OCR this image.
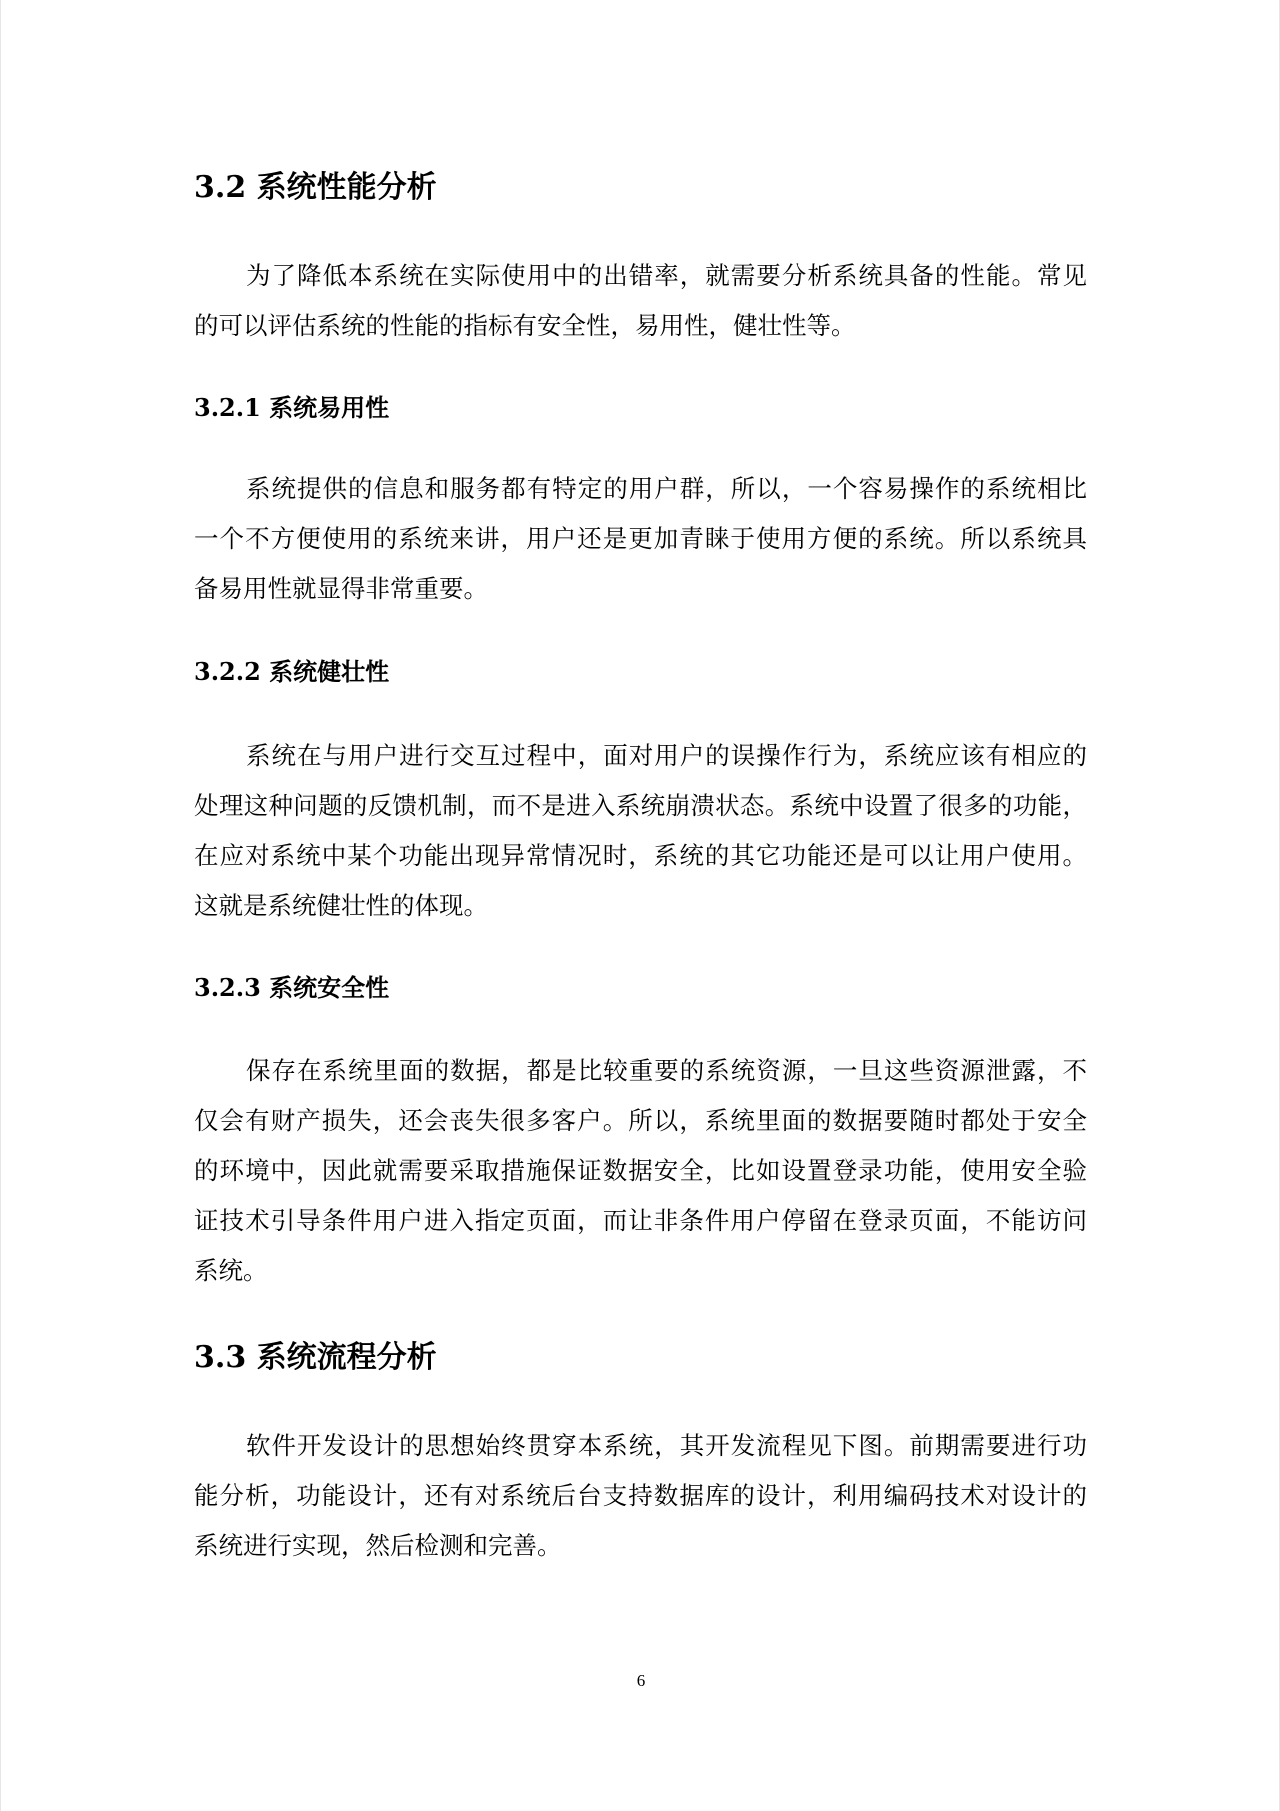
3.2 系统性能分析
为了降低本系统在实际使用中的出错率，就需要分析系统具备的性能。常见
的可以评估系统的性能的指标有安全性，易用性，健壮性等。
3.2.1 系统易用性
系统提供的信息和服务都有特定的用户群，所以，一个容易操作的系统相比
一个不方便使用的系统来讲，用户还是更加青睐于使用方便的系统。所以系统具
备易用性就显得非常重要。
3.2.2 系统健壮性
系统在与用户进行交互过程中，面对用户的误操作行为，系统应该有相应的
处理这种问题的反馈机制，而不是进入系统崩溃状态。系统中设置了很多的功能，
在应对系统中某个功能出现异常情况时，系统的其它功能还是可以让用户使用。
这就是系统健壮性的体现。
3.2.3 系统安全性
保存在系统里面的数据，都是比较重要的系统资源，一旦这些资源泄露，不
仅会有财产损失，还会丧失很多客户。所以，系统里面的数据要随时都处于安全
的环境中，因此就需要采取措施保证数据安全，比如设置登录功能，使用安全验
证技术引导条件用户进入指定页面，而让非条件用户停留在登录页面，不能访问
系统。
3.3 系统流程分析
软件开发设计的思想始终贯穿本系统，其开发流程见下图。前期需要进行功
能分析，功能设计，还有对系统后台支持数据库的设计，利用编码技术对设计的
系统进行实现，然后检测和完善。
6
